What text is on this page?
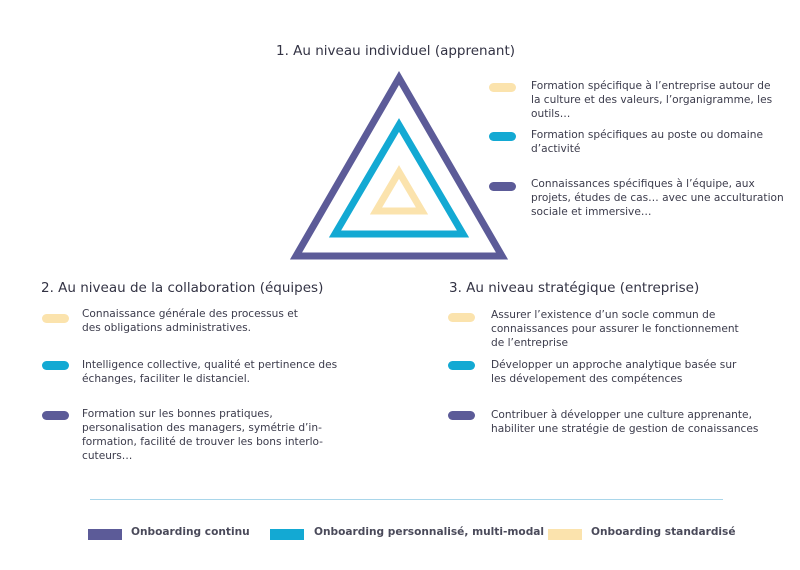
1. Au niveau individuel (apprenant)

Formation spécifique à l’entreprise autour de
la culture et des valeurs, l’organigramme, les
outils…

Formation spécifiques au poste ou domaine
d’activité

Connaissances spécifiques à l’équipe, aux
projets, études de cas… avec une acculturation
sociale et immersive…

2. Au niveau de la collaboration (équipes)

Connaissance générale des processus et
des obligations administratives.

Intelligence collective, qualité et pertinence des
échanges, faciliter le distanciel.

Formation sur les bonnes pratiques,
personalisation des managers, symétrie d’in-
formation, facilité de trouver les bons interlo-
cuteurs…

3. Au niveau stratégique (entreprise)

Assurer l’existence d’un socle commun de
connaissances pour assurer le fonctionnement
de l’entreprise

Développer un approche analytique basée sur
les dévelopement des compétences

Contribuer à développer une culture apprenante,
habiliter une stratégie de gestion de conaissances

Onboarding continu	Onboarding personnalisé, multi-modal	Onboarding standardisé
